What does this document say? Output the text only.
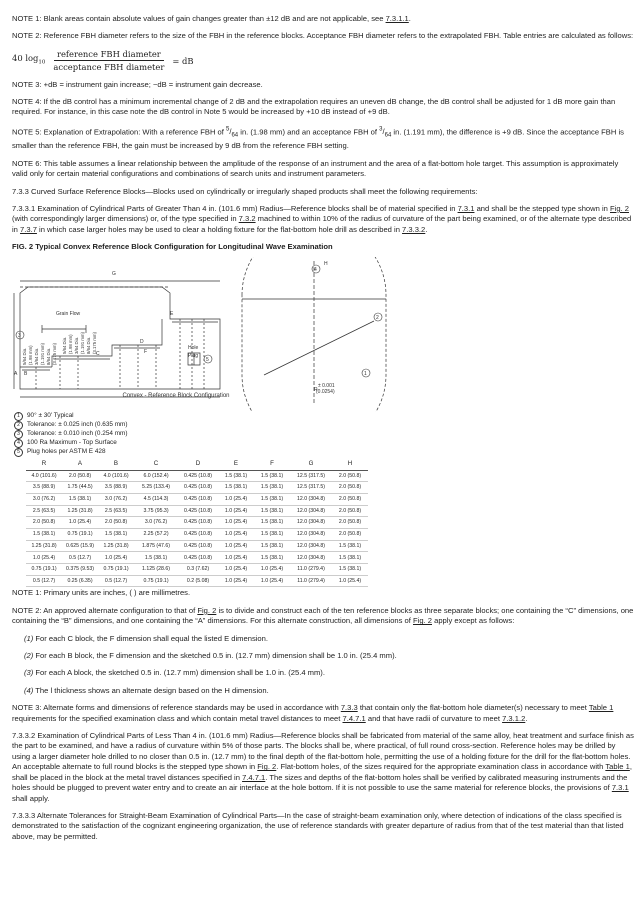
NOTE 1: Blank areas contain absolute values of gain changes greater than ±12 dB and are not applicable, see 7.3.1.1.

NOTE 2: Reference FBH diameter refers to the size of the FBH in the reference blocks. Acceptance FBH diameter refers to the extrapolated FBH. Table entries are calculated as follows:

40 $\log_{10} \frac{\text{reference FBH diameter}}{\text{acceptance FBH diameter}}$ = dB

NOTE 3: +dB = instrument gain increase; −dB = instrument gain decrease.

NOTE 4: If the dB control has a minimum incremental change of 2 dB and the extrapolation requires an uneven dB change, the dB control shall be adjusted for 1 dB more gain than required. For instance, in this case note the dB control in Note 5 would be increased by +10 dB instead of +9 dB.

NOTE 5: Explanation of Extrapolation: With a reference FBH of $^5/_{64}$ in. (1.98 mm) and an acceptance FBH of $^3/_{64}$ in. (1.191 mm), the difference is +9 dB. Since the acceptance FBH is smaller than the reference FBH, the gain must be increased by 9 dB from the reference FBH setting.

NOTE 6: This table assumes a linear relationship between the amplitude of the response of an instrument and the area of a flat-bottom hole target. This assumption is approximately valid only for certain material configurations and combinations of search units and instrument parameters.

7.3.3 Curved Surface Reference Blocks—Blocks used on cylindrically or irregularly shaped products shall meet the following requirements:

7.3.3.1 Examination of Cylindrical Parts of Greater Than 4 in. (101.6 mm) Radius—Reference blocks shall be of material specified in 7.3.1 and shall be the stepped type shown in Fig. 2 (with correspondingly larger dimensions) or, of the type specified in 7.3.2 machined to within 10% of the radius of curvature of the part being examined, or of the alternate type described in 7.3.7 in which case larger holes may be used to clear a holding fixture for the flat-bottom hole drill as described in 7.3.3.2.

FIG. 2 Typical Convex Reference Block Configuration for Longitudinal Wave Examination
G
H
Grain Flow
Convex - Reference Block Configuration
Hole
Plug
± 0.001
(0.0254)
A B
C
D
E
F
R
5/64 Dia. (1.98 mm) 3/64 Dia. (1.191 mm) 8/64 Dia. (3.175 mm) 5/64 Dia. (1.98 mm) 3/64 Dia. (1.191 mm) 8/64 Dia. (3.175 mm)
3
4
2
1
5
1	90° ± 30' Typical
2	Tolerance: ± 0.025 inch (0.635 mm)
3	Tolerance: ± 0.010 inch (0.254 mm)
4	100 Ra Maximum - Top Surface
5	Plug holes per ASTM E 428
R	A	B	C	D	E	F	G	H
4.0 (101.6)	2.0 (50.8)	4.0 (101.6)	6.0 (152.4)	0.425 (10.8)	1.5 (38.1)	1.5 (38.1)	12.5 (317.5)	2.0 (50.8)
3.5 (88.9)	1.75 (44.5)	3.5 (88.9)	5.25 (133.4)	0.425 (10.8)	1.5 (38.1)	1.5 (38.1)	12.5 (317.5)	2.0 (50.8)
3.0 (76.2)	1.5 (38.1)	3.0 (76.2)	4.5 (114.3)	0.425 (10.8)	1.0 (25.4)	1.5 (38.1)	12.0 (304.8)	2.0 (50.8)
2.5 (63.5)	1.25 (31.8)	2.5 (63.5)	3.75 (95.3)	0.425 (10.8)	1.0 (25.4)	1.5 (38.1)	12.0 (304.8)	2.0 (50.8)
2.0 (50.8)	1.0 (25.4)	2.0 (50.8)	3.0 (76.2)	0.425 (10.8)	1.0 (25.4)	1.5 (38.1)	12.0 (304.8)	2.0 (50.8)
1.5 (38.1)	0.75 (19.1)	1.5 (38.1)	2.25 (57.2)	0.425 (10.8)	1.0 (25.4)	1.5 (38.1)	12.0 (304.8)	2.0 (50.8)
1.25 (31.8)	0.625 (15.9)	1.25 (31.8)	1.875 (47.6)	0.425 (10.8)	1.0 (25.4)	1.5 (38.1)	12.0 (304.8)	1.5 (38.1)
1.0 (25.4)	0.5 (12.7)	1.0 (25.4)	1.5 (38.1)	0.425 (10.8)	1.0 (25.4)	1.5 (38.1)	12.0 (304.8)	1.5 (38.1)
0.75 (19.1)	0.375 (9.53)	0.75 (19.1)	1.125 (28.6)	0.3 (7.62)	1.0 (25.4)	1.0 (25.4)	11.0 (279.4)	1.5 (38.1)
0.5 (12.7)	0.25 (6.35)	0.5 (12.7)	0.75 (19.1)	0.2 (5.08)	1.0 (25.4)	1.0 (25.4)	11.0 (279.4)	1.0 (25.4)

NOTE 1: Primary units are inches, ( ) are millimetres.

NOTE 2: An approved alternate configuration to that of Fig. 2 is to divide and construct each of the ten reference blocks as three separate blocks; one containing the “C” dimensions, one containing the “B” dimensions, and one containing the “A” dimensions. For this alternate construction, all dimensions of Fig. 2 apply except as follows:

(1) For each C block, the F dimension shall equal the listed E dimension.

(2) For each B block, the F dimension and the sketched 0.5 in. (12.7 mm) dimension shall be 1.0 in. (25.4 mm).

(3) For each A block, the sketched 0.5 in. (12.7 mm) dimension shall be 1.0 in. (25.4 mm).

(4) The l thickness shows an alternate design based on the H dimension.

NOTE 3: Alternate forms and dimensions of reference standards may be used in accordance with 7.3.3 that contain only the flat-bottom hole diameter(s) necessary to meet Table 1 requirements for the specified examination class and which contain metal travel distances to meet 7.4.7.1 and that have radii of curvature to meet 7.3.1.2.

7.3.3.2 Examination of Cylindrical Parts of Less Than 4 in. (101.6 mm) Radius—Reference blocks shall be fabricated from material of the same alloy, heat treatment and surface finish as the part to be examined, and have a radius of curvature within 5% of those parts. The blocks shall be, where practical, of full round cross-section. Reference holes may be drilled by using a larger diameter hole drilled to no closer than 0.5 in. (12.7 mm) to the final depth of the flat-bottom hole, permitting the use of a holding fixture for the drill for the flat-bottom holes. An acceptable alternate to full round blocks is the stepped type shown in Fig. 2. Flat-bottom holes, of the sizes required for the appropriate examination class in accordance with Table 1, shall be placed in the block at the metal travel distances specified in 7.4.7.1. The sizes and depths of the flat-bottom holes shall be verified by calibrated measuring instruments and the holes should be plugged to prevent water entry and to create an air interface at the hole bottom. If it is not possible to use the same material for reference blocks, the provisions of 7.3.1 shall apply.

7.3.3.3 Alternate Tolerances for Straight-Beam Examination of Cylindrical Parts—In the case of straight-beam examination only, where detection of indications of the class specified is demonstrated to the satisfaction of the cognizant engineering organization, the use of reference standards with greater departure of radius from that of the test material than that listed above, may be permitted.
